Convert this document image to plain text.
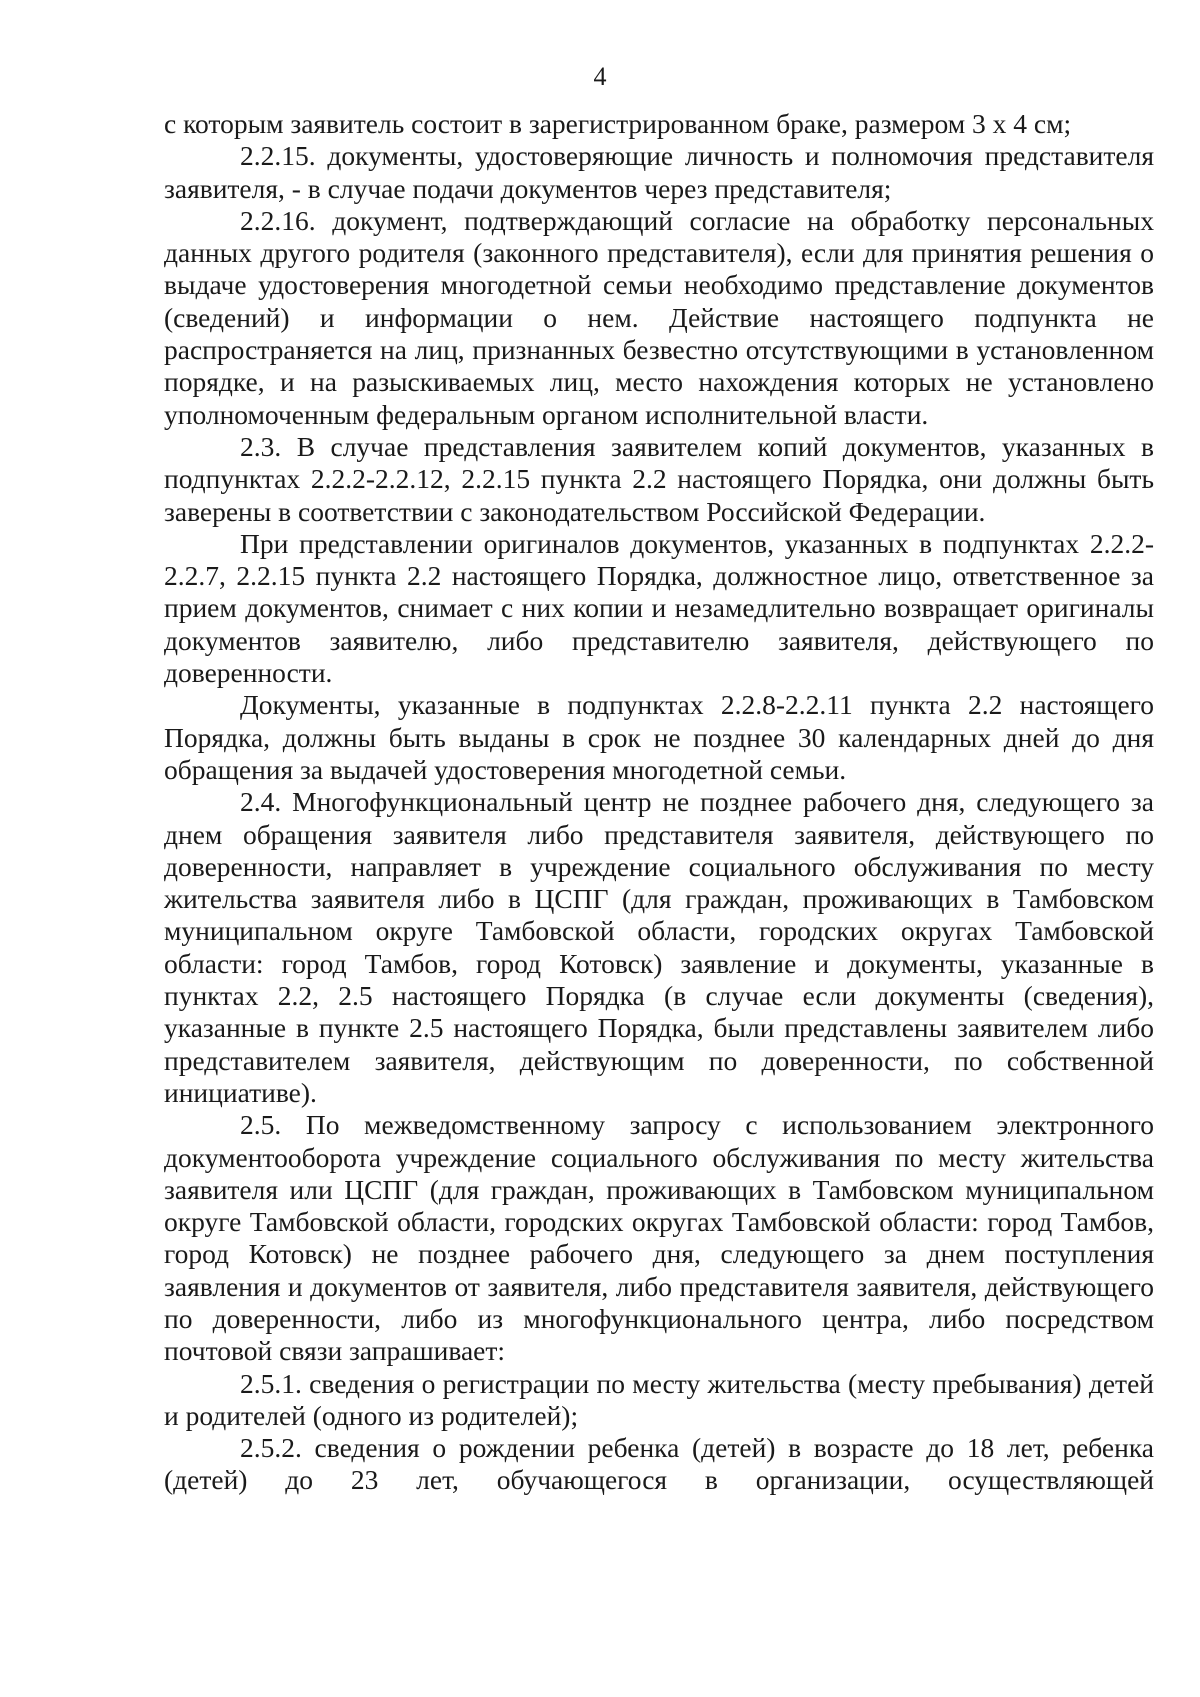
4

с которым заявитель состоит в зарегистрированном браке, размером 3 х 4 см;

2.2.15. документы, удостоверяющие личность и полномочия представителя заявителя, - в случае подачи документов через представителя;

2.2.16. документ, подтверждающий согласие на обработку персональных данных другого родителя (законного представителя), если для принятия решения о выдаче удостоверения многодетной семьи необходимо представление документов (сведений) и информации о нем. Действие настоящего подпункта не распространяется на лиц, признанных безвестно отсутствующими в установленном порядке, и на разыскиваемых лиц, место нахождения которых не установлено уполномоченным федеральным органом исполнительной власти.

2.3. В случае представления заявителем копий документов, указанных в подпунктах 2.2.2-2.2.12, 2.2.15 пункта 2.2 настоящего Порядка, они должны быть заверены в соответствии с законодательством Российской Федерации.

При представлении оригиналов документов, указанных в подпунктах 2.2.2-2.2.7, 2.2.15 пункта 2.2 настоящего Порядка, должностное лицо, ответственное за прием документов, снимает с них копии и незамедлительно возвращает оригиналы документов заявителю, либо представителю заявителя, действующего по доверенности.

Документы, указанные в подпунктах 2.2.8-2.2.11 пункта 2.2 настоящего Порядка, должны быть выданы в срок не позднее 30 календарных дней до дня обращения за выдачей удостоверения многодетной семьи.

2.4. Многофункциональный центр не позднее рабочего дня, следующего за днем обращения заявителя либо представителя заявителя, действующего по доверенности, направляет в учреждение социального обслуживания по месту жительства заявителя либо в ЦСПГ (для граждан, проживающих в Тамбовском муниципальном округе Тамбовской области, городских округах Тамбовской области: город Тамбов, город Котовск) заявление и документы, указанные в пунктах 2.2, 2.5 настоящего Порядка (в случае если документы (сведения), указанные в пункте 2.5 настоящего Порядка, были представлены заявителем либо представителем заявителя, действующим по доверенности, по собственной инициативе).

2.5. По межведомственному запросу с использованием электронного документооборота учреждение социального обслуживания по месту жительства заявителя или ЦСПГ (для граждан, проживающих в Тамбовском муниципальном округе Тамбовской области, городских округах Тамбовской области: город Тамбов, город Котовск) не позднее рабочего дня, следующего за днем поступления заявления и документов от заявителя, либо представителя заявителя, действующего по доверенности, либо из многофункционального центра, либо посредством почтовой связи запрашивает:

2.5.1. сведения о регистрации по месту жительства (месту пребывания) детей и родителей (одного из родителей);

2.5.2. сведения о рождении ребенка (детей) в возрасте до 18 лет, ребенка (детей) до 23 лет, обучающегося в организации, осуществляющей
